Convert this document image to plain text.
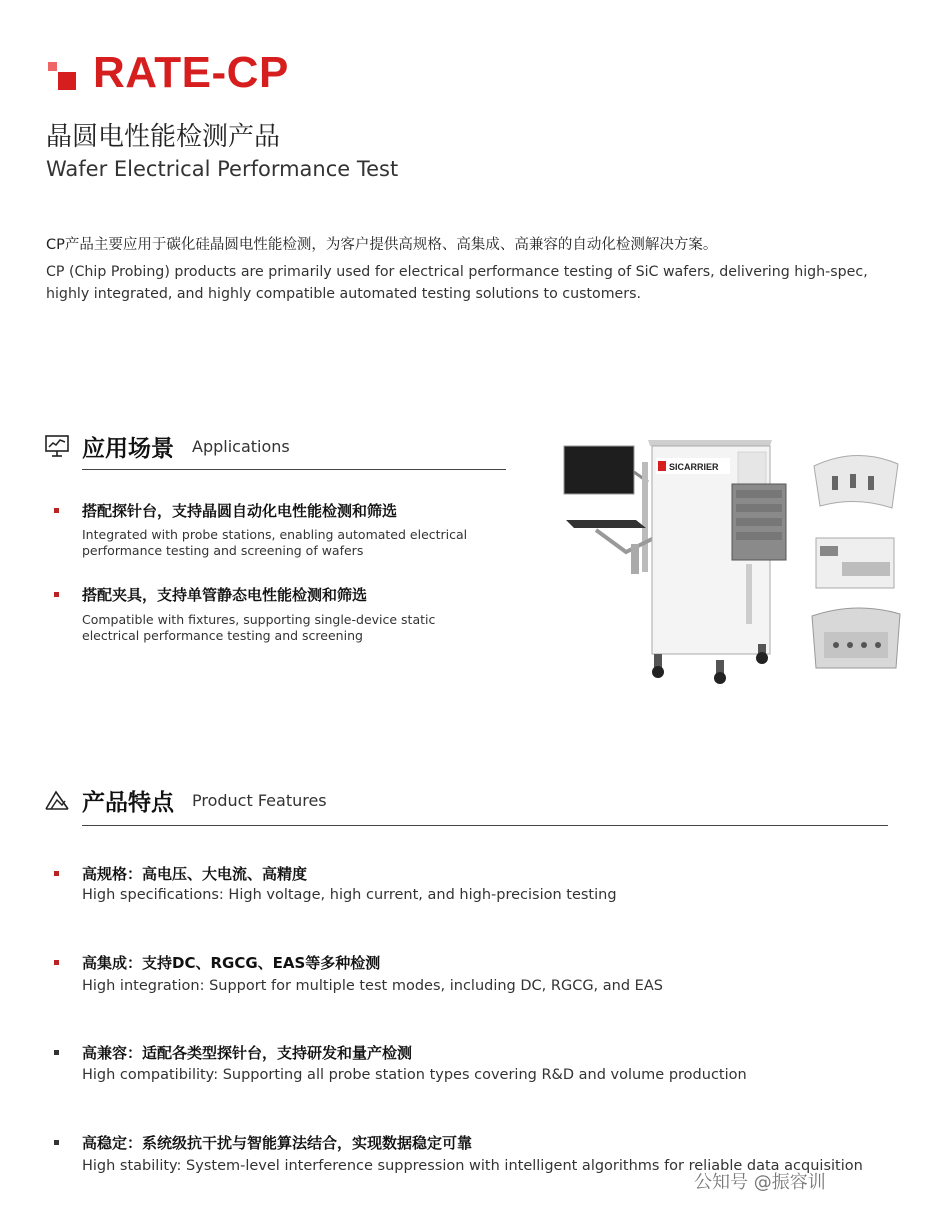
RATE-CP
晶圆电性能检测产品
Wafer Electrical Performance Test
CP产品主要应用于碳化硅晶圆电性能检测，为客户提供高规格、高集成、高兼容的自动化检测解决方案。
CP (Chip Probing) products are primarily used for electrical performance testing of SiC wafers, delivering high-spec, highly integrated, and highly compatible automated testing solutions to customers.
应用场景 Applications
搭配探针台，支持晶圆自动化电性能检测和筛选
Integrated with probe stations, enabling automated electrical performance testing and screening of wafers
搭配夹具，支持单管静态电性能检测和筛选
Compatible with fixtures, supporting single-device static electrical performance testing and screening
SICARRIER
产品特点 Product Features
高规格：高电压、大电流、高精度
High specifications: High voltage, high current, and high-precision testing
高集成：支持DC、RGCG、EAS等多种检测
High integration: Support for multiple test modes, including DC, RGCG, and EAS
高兼容：适配各类型探针台，支持研发和量产检测
High compatibility: Supporting all probe station types covering R&D and volume production
高稳定：系统级抗干扰与智能算法结合，实现数据稳定可靠
High stability: System-level interference suppression with intelligent algorithms for reliable data acquisition
公知号 @振容训
